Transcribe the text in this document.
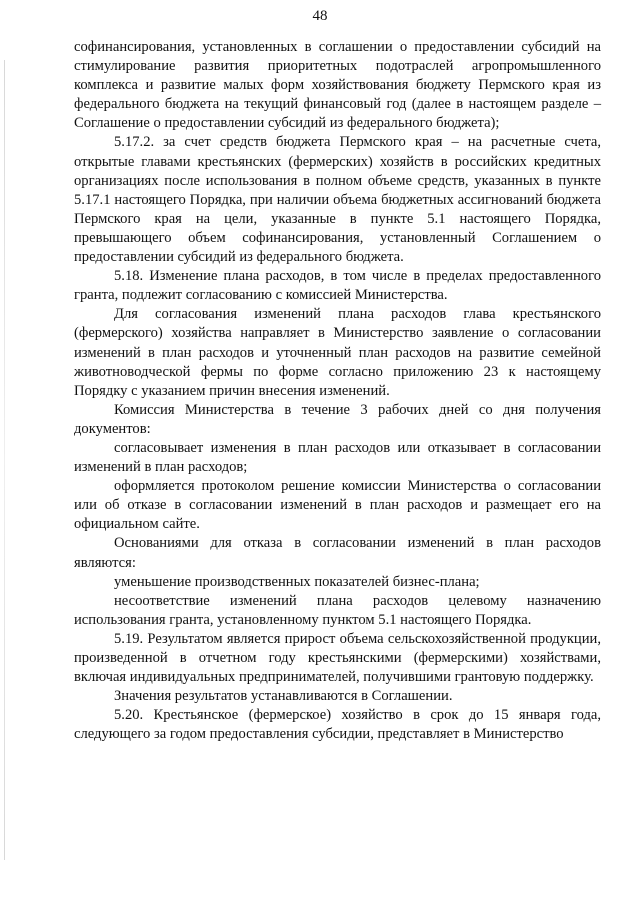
48

софинансирования, установленных в соглашении о предоставлении субсидий на стимулирование развития приоритетных подотраслей агропромышленного комплекса и развитие малых форм хозяйствования бюджету Пермского края из федерального бюджета на текущий финансовый год (далее в настоящем разделе – Соглашение о предоставлении субсидий из федерального бюджета);

5.17.2. за счет средств бюджета Пермского края – на расчетные счета, открытые главами крестьянских (фермерских) хозяйств в российских кредитных организациях после использования в полном объеме средств, указанных в пункте 5.17.1 настоящего Порядка, при наличии объема бюджетных ассигнований бюджета Пермского края на цели, указанные в пункте 5.1 настоящего Порядка, превышающего объем софинансирования, установленный Соглашением о предоставлении субсидий из федерального бюджета.

5.18. Изменение плана расходов, в том числе в пределах предоставленного гранта, подлежит согласованию с комиссией Министерства.

Для согласования изменений плана расходов глава крестьянского (фермерского) хозяйства направляет в Министерство заявление о согласовании изменений в план расходов и уточненный план расходов на развитие семейной животноводческой фермы по форме согласно приложению 23 к настоящему Порядку с указанием причин внесения изменений.

Комиссия Министерства в течение 3 рабочих дней со дня получения документов:

согласовывает изменения в план расходов или отказывает в согласовании изменений в план расходов;

оформляется протоколом решение комиссии Министерства о согласовании или об отказе в согласовании изменений в план расходов и размещает его на официальном сайте.

Основаниями для отказа в согласовании изменений в план расходов являются:

уменьшение производственных показателей бизнес-плана;

несоответствие изменений плана расходов целевому назначению использования гранта, установленному пунктом 5.1 настоящего Порядка.

5.19. Результатом является прирост объема сельскохозяйственной продукции, произведенной в отчетном году крестьянскими (фермерскими) хозяйствами, включая индивидуальных предпринимателей, получившими грантовую поддержку.

Значения результатов устанавливаются в Соглашении.

5.20. Крестьянское (фермерское) хозяйство в срок до 15 января года, следующего за годом предоставления субсидии, представляет в Министерство
